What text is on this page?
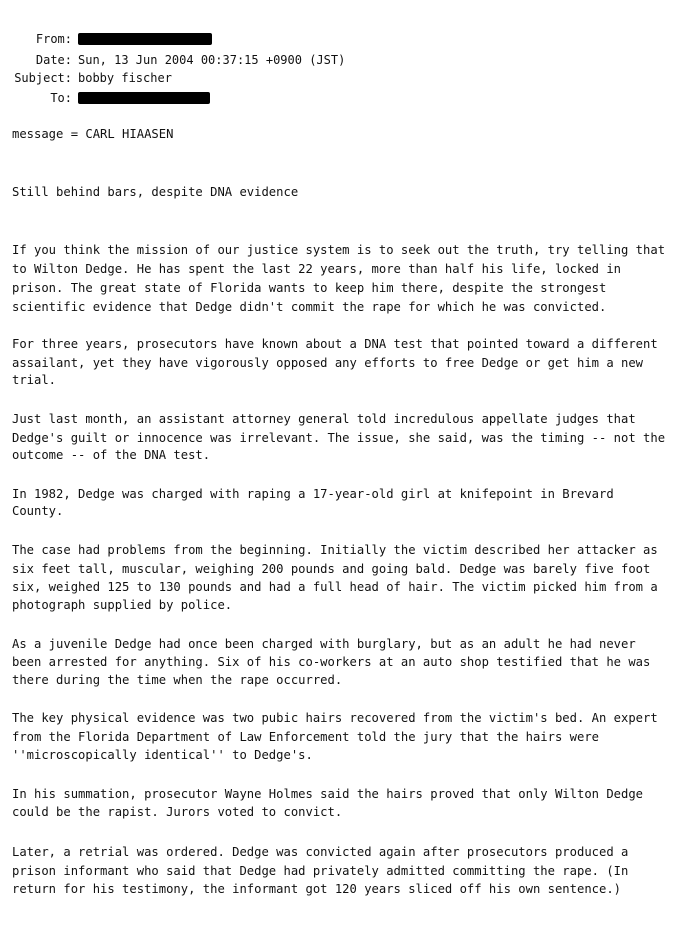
From:
Date: Sun, 13 Jun 2004 00:37:15 +0900 (JST)
Subject: bobby fischer
To:
message = CARL HIAASEN
Still behind bars, despite DNA evidence
If you think the mission of our justice system is to seek out the truth, try telling that
to Wilton Dedge. He has spent the last 22 years, more than half his life, locked in
prison. The great state of Florida wants to keep him there, despite the strongest
scientific evidence that Dedge didn't commit the rape for which he was convicted.
For three years, prosecutors have known about a DNA test that pointed toward a different
assailant, yet they have vigorously opposed any efforts to free Dedge or get him a new
trial.
Just last month, an assistant attorney general told incredulous appellate judges that
Dedge's guilt or innocence was irrelevant. The issue, she said, was the timing -- not the
outcome -- of the DNA test.
In 1982, Dedge was charged with raping a 17-year-old girl at knifepoint in Brevard
County.
The case had problems from the beginning. Initially the victim described her attacker as
six feet tall, muscular, weighing 200 pounds and going bald. Dedge was barely five foot
six, weighed 125 to 130 pounds and had a full head of hair. The victim picked him from a
photograph supplied by police.
As a juvenile Dedge had once been charged with burglary, but as an adult he had never
been arrested for anything. Six of his co-workers at an auto shop testified that he was
there during the time when the rape occurred.
The key physical evidence was two pubic hairs recovered from the victim's bed. An expert
from the Florida Department of Law Enforcement told the jury that the hairs were
''microscopically identical'' to Dedge's.
In his summation, prosecutor Wayne Holmes said the hairs proved that only Wilton Dedge
could be the rapist. Jurors voted to convict.
Later, a retrial was ordered. Dedge was convicted again after prosecutors produced a
prison informant who said that Dedge had privately admitted committing the rape. (In
return for his testimony, the informant got 120 years sliced off his own sentence.)
